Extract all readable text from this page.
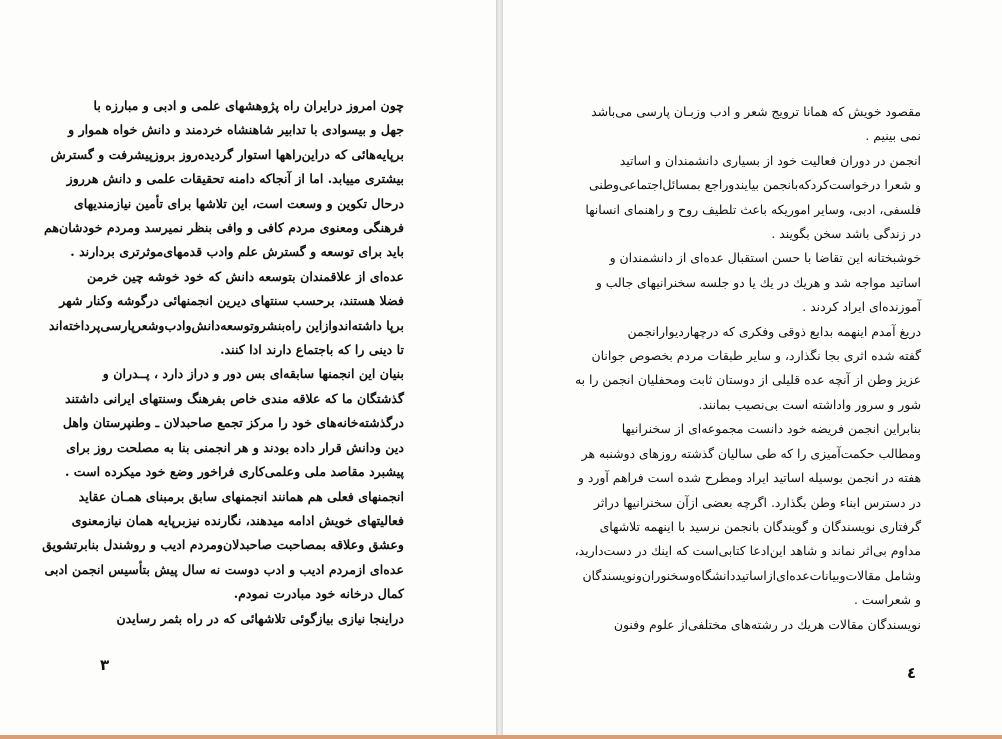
چون امروز درایران راه پژوهشهای علمی و ادبی و مبارزه با
جهل و بیسوادی با تدابیر شاهنشاه خردمند و دانش خواه هموار و
برپایه‌هائی که دراین‌راهها استوار گردیده‌روز بروزپیشرفت و گسترش
بیشتری مییابد. اما از آنجاکه دامنه تحقیقات علمی و دانش هرروز
درحال تکوین و وسعت است، این تلاشها برای تأمین نیازمندیهای
فرهنگی ومعنوی مردم کافی و وافی بنظر نمیرسد ومردم خودشان‌هم
باید برای توسعه و گسترش علم وادب قدمهای‌موثرتری بردارند .
عده‌ای از علاقمندان بتوسعه دانش که خود خوشه چین خرمن
فضلا هستند، برحسب سنتهای دیرین انجمنهائی درگوشه وکنار شهر
برپا داشته‌اندوازاین راه‌بنشروتوسعه‌دانش‌وادب‌وشعرپارسی‌پرداخته‌اند
تا دینی را که باجتماع دارند ادا کنند.
بنیان این انجمنها سابقه‌ای بس دور و دراز دارد ، پــدران و
گذشتگان ما که علاقه مندی خاص بفرهنگ وسنتهای ایرانی داشتند
درگذشته‌خانه‌های خود را مرکز تجمع صاحبدلان ـ وطنپرستان واهل
دین ودانش قرار داده بودند و هر انجمنی بنا به مصلحت روز برای
پیشبرد مقاصد ملی وعلمی‌کاری فراخور وضع خود میکرده است .
انجمنهای فعلی هم همانند انجمنهای سابق برمبنای همـان عقاید
فعالیتهای خویش ادامه میدهند، نگارنده نیزبرپایه همان نیازمعنوی
وعشق وعلاقه بمصاحبت صاحبدلان‌ومردم ادیب و روشندل بنابرتشویق
عده‌ای ازمردم ادیب و ادب دوست نه سال پیش بتأسیس انجمن ادبی
کمال درخانه خود مبادرت نمودم.
دراینجا نیازی بیازگوئی تلاشهائی که در راه بثمر رسایدن
٣
مقصود خویش که همانا ترویج شعر و ادب وزبـان پارسی می‌باشد
نمی بینیم .
انجمن در دوران فعالیت خود از بسیاری دانشمندان و اساتید
و شعرا درخواست‌کردکه‌بانجمن بیایندوراجع بمسائل‌اجتماعی‌وطنی
فلسفی، ادبی، وسایر اموریکه باعث تلطیف روح و راهنمای انسانها
در زندگی باشد سخن بگویند .
خوشبختانه این تقاضا با حسن استقبال عده‌ای از دانشمندان و
اساتید مواجه شد و هریك در یك یا دو جلسه سخنرانیهای جالب و
آموزنده‌ای ایراد کردند .
دریغ آمدم اینهمه بدایع ذوقی وفکری که درچهاردیوارانجمن
گفته شده اثری بجا نگذارد، و سایر طبقات مردم بخصوص جوانان
عزیز وطن از آنچه عده قلیلی از دوستان ثابت ومحفلیان انجمن را به
شور و سرور واداشته است بی‌نصیب بمانند.
بنابراین انجمن فریضه خود دانست مجموعه‌ای از سخنرانیها
ومطالب حکمت‌آمیزی را که طی سالیان گذشته روزهای دوشنبه هر
هفته در انجمن بوسیله اساتید ایراد ومطرح شده است فراهم آورد و
در دسترس ابناء وطن بگذارد. اگرچه بعضی ازآن سخنرانیها دراثر
گرفتاری نویسندگان و گویندگان بانجمن نرسید با اینهمه تلاشهای
مداوم بی‌اثر نماند و شاهد این‌ادعا کتابی‌است که اینك در دست‌دارید،
وشامل مقالات‌وبیانات‌عده‌ای‌ازاساتیددانشگاه‌وسخنوران‌ونویسندگان
و شعراست .
نویسندگان مقالات هریك در رشته‌های مختلفی‌از علوم وفنون
٤
